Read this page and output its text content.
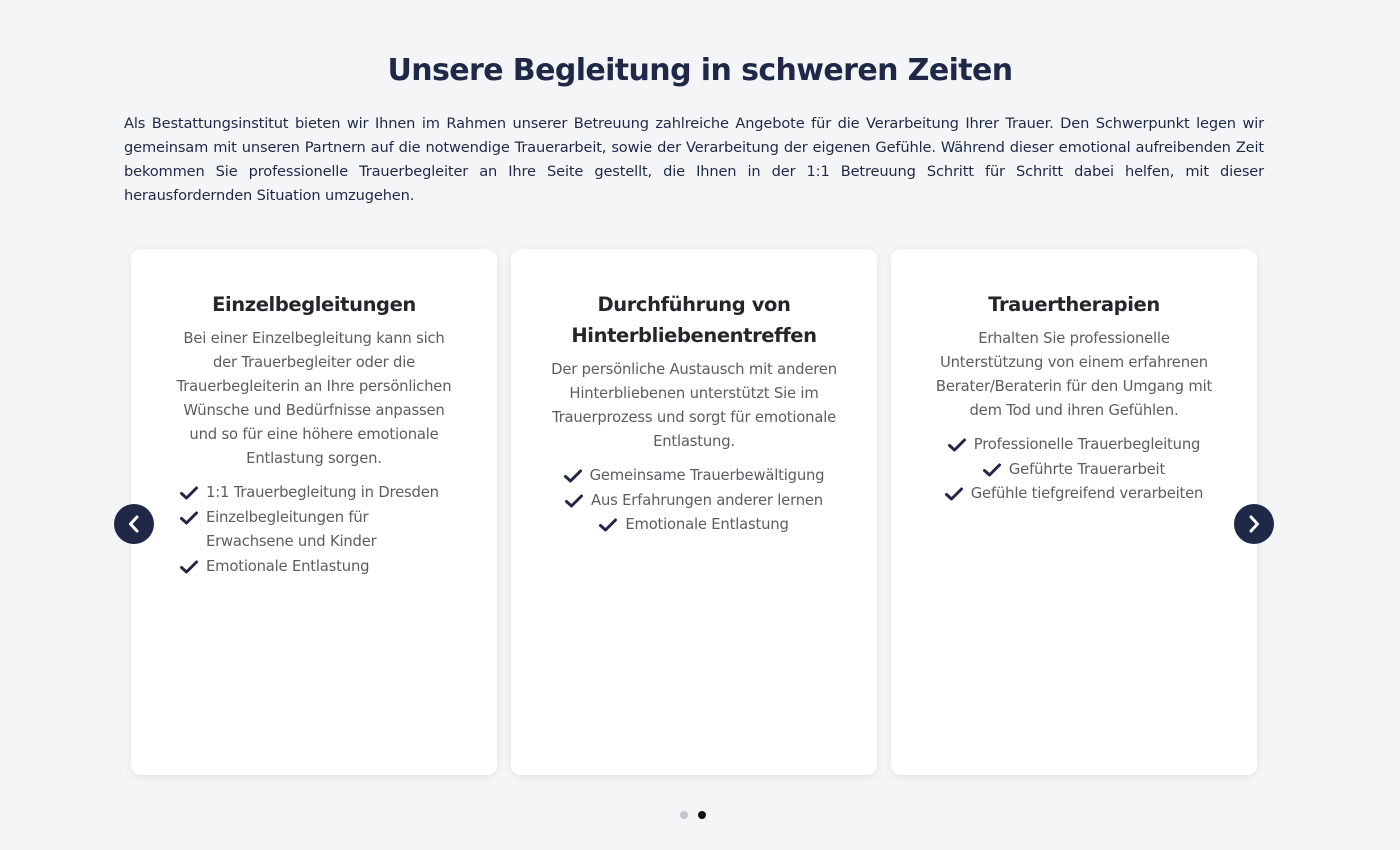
Unsere Begleitung in schweren Zeiten

Als Bestattungsinstitut bieten wir Ihnen im Rahmen unserer Betreuung zahlreiche Angebote für die Verarbeitung Ihrer Trauer. Den Schwerpunkt legen wir gemeinsam mit unseren Partnern auf die notwendige Trauerarbeit, sowie der Verarbeitung der eigenen Gefühle. Während dieser emotional aufreibenden Zeit bekommen Sie professionelle Trauerbegleiter an Ihre Seite gestellt, die Ihnen in der 1:1 Betreuung Schritt für Schritt dabei helfen, mit dieser herausfordernden Situation umzugehen.

Einzelbegleitungen

Bei einer Einzelbegleitung kann sich der Trauerbegleiter oder die Trauerbegleiterin an Ihre persönlichen Wünsche und Bedürfnisse anpassen und so für eine höhere emotionale Entlastung sorgen.

1:1 Trauerbegleitung in Dresden
Einzelbegleitungen für Erwachsene und Kinder
Emotionale Entlastung
Durchführung von Hinterbliebenentreffen

Der persönliche Austausch mit anderen Hinterbliebenen unterstützt Sie im Trauerprozess und sorgt für emotionale Entlastung.

Gemeinsame Trauerbewältigung
Aus Erfahrungen anderer lernen
Emotionale Entlastung
Trauertherapien

Erhalten Sie professionelle Unterstützung von einem erfahrenen Berater/Beraterin für den Umgang mit dem Tod und ihren Gefühlen.

Professionelle Trauerbegleitung
Geführte Trauerarbeit
Gefühle tiefgreifend verarbeiten
